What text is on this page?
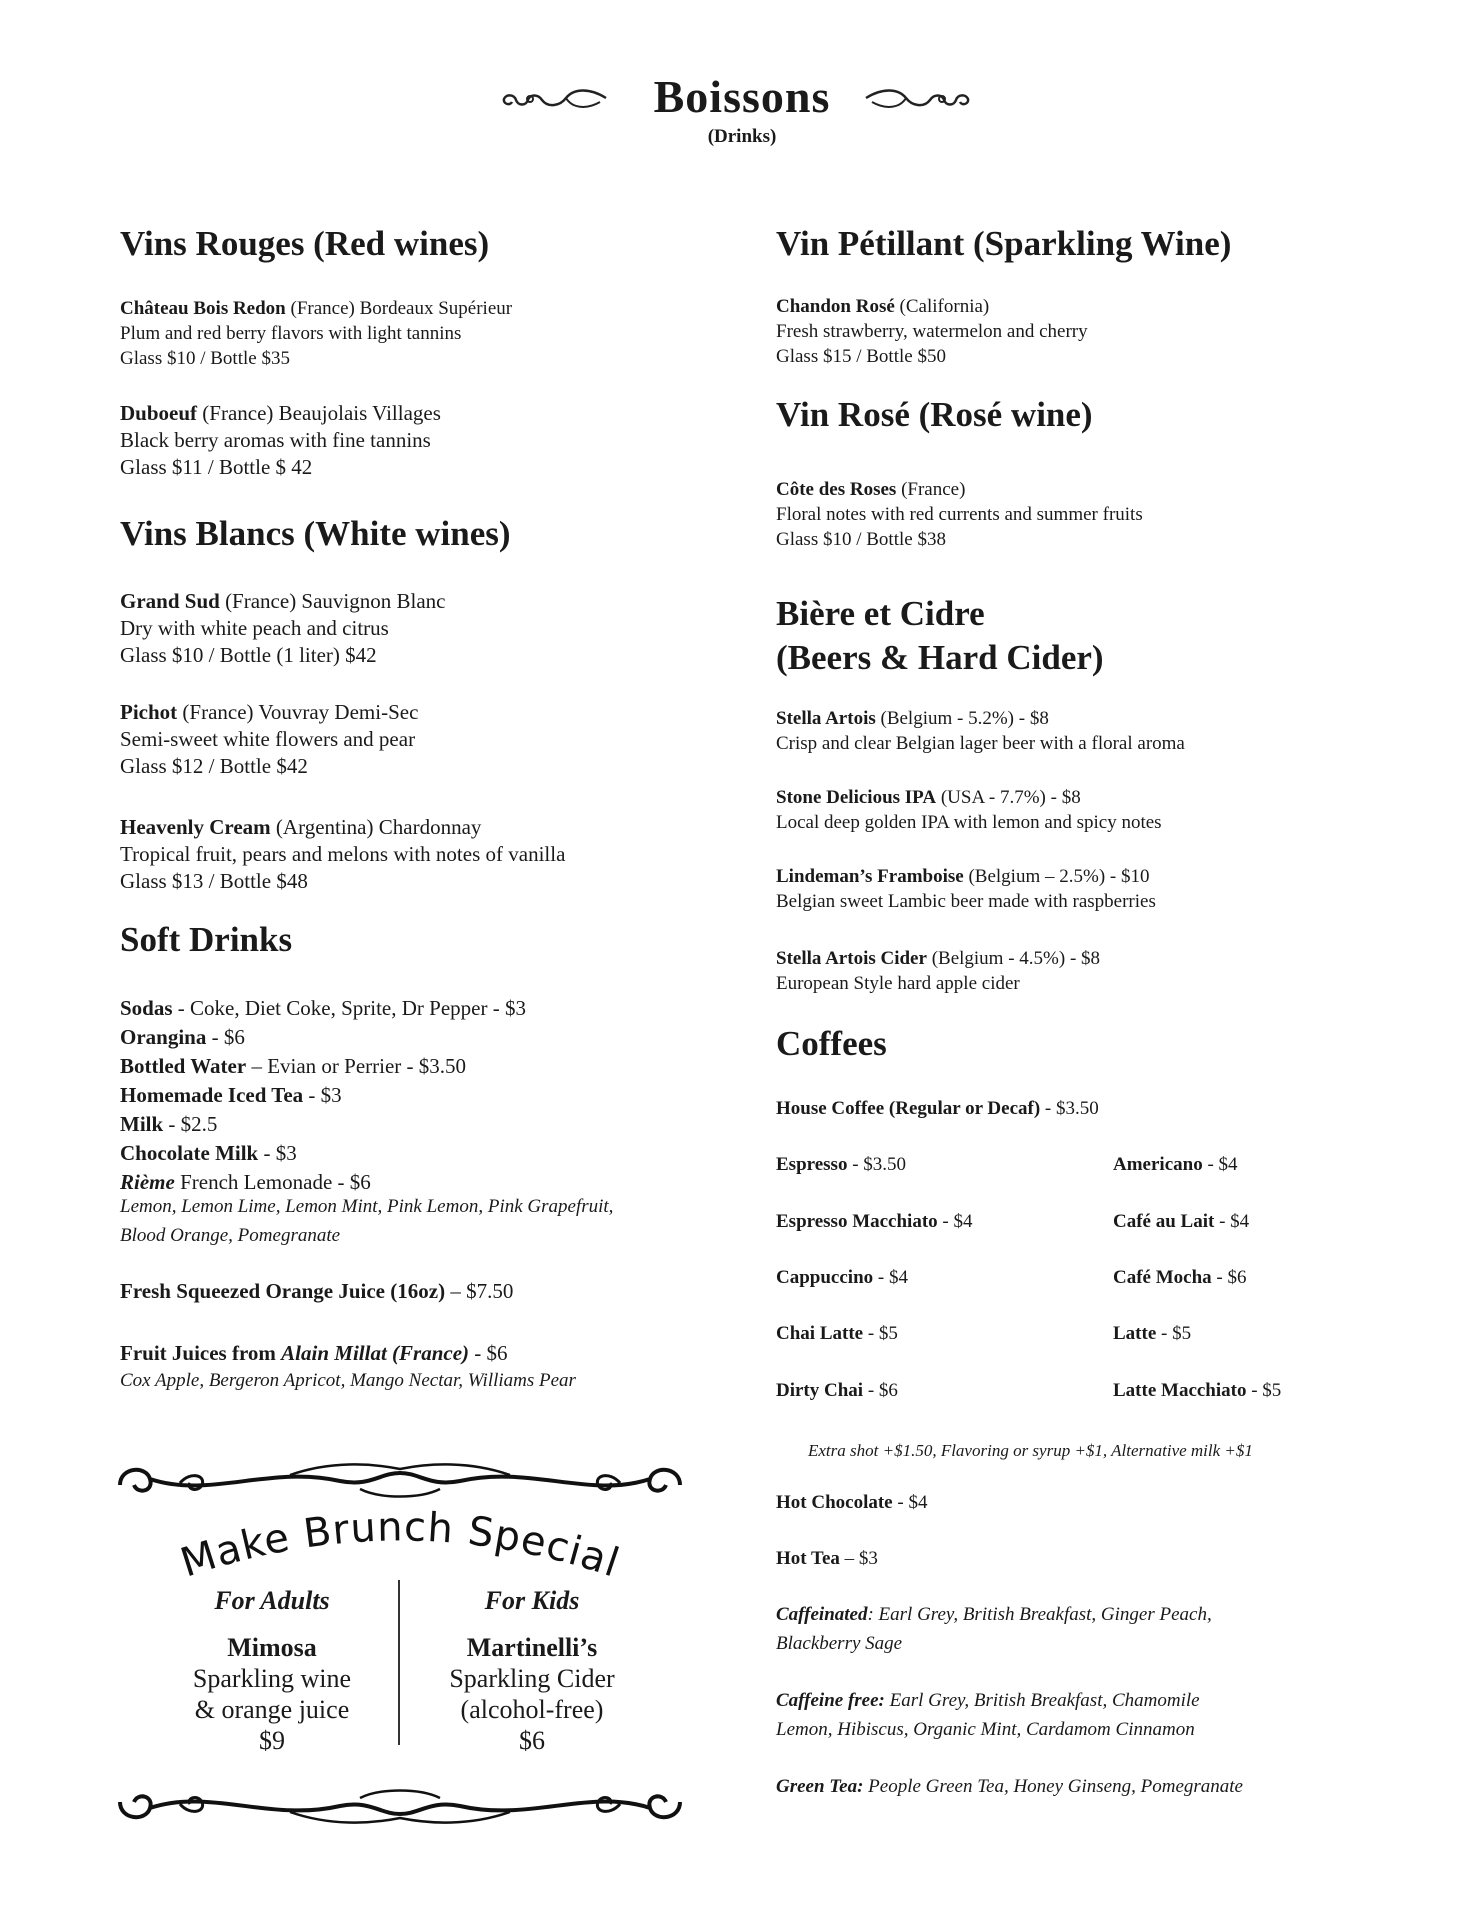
Boissons
(Drinks)
Vins Rouges (Red wines)
Château Bois Redon (France) Bordeaux Supérieur
Plum and red berry flavors with light tannins
Glass $10 / Bottle $35
Duboeuf (France) Beaujolais Villages
Black berry aromas with fine tannins
Glass $11 / Bottle $ 42
Vins Blancs (White wines)
Grand Sud (France) Sauvignon Blanc
Dry with white peach and citrus
Glass $10 / Bottle (1 liter) $42
Pichot (France) Vouvray Demi-Sec
Semi-sweet white flowers and pear
Glass $12 / Bottle $42
Heavenly Cream (Argentina) Chardonnay
Tropical fruit, pears and melons with notes of vanilla
Glass $13 / Bottle $48
Soft Drinks
Sodas - Coke, Diet Coke, Sprite, Dr Pepper - $3
Orangina - $6
Bottled Water – Evian or Perrier - $3.50
Homemade Iced Tea - $3
Milk - $2.5
Chocolate Milk - $3
Rième French Lemonade - $6
Lemon, Lemon Lime, Lemon Mint, Pink Lemon, Pink Grapefruit,
Blood Orange, Pomegranate
Fresh Squeezed Orange Juice (16oz) – $7.50
Fruit Juices from Alain Millat (France) - $6
Cox Apple, Bergeron Apricot, Mango Nectar, Williams Pear
Make Brunch Special
For Adults	For Kids
Mimosa
Sparkling wine
& orange juice
$9
Martinelli’s
Sparkling Cider
(alcohol-free)
$6
Vin Pétillant (Sparkling Wine)
Chandon Rosé (California)
Fresh strawberry, watermelon and cherry
Glass $15 / Bottle $50
Vin Rosé (Rosé wine)
Côte des Roses (France)
Floral notes with red currents and summer fruits
Glass $10 / Bottle $38
Bière et Cidre
(Beers & Hard Cider)
Stella Artois (Belgium - 5.2%) - $8
Crisp and clear Belgian lager beer with a floral aroma
Stone Delicious IPA (USA - 7.7%) - $8
Local deep golden IPA with lemon and spicy notes
Lindeman’s Framboise (Belgium – 2.5%) - $10
Belgian sweet Lambic beer made with raspberries
Stella Artois Cider (Belgium - 4.5%) - $8
European Style hard apple cider
Coffees
House Coffee (Regular or Decaf) - $3.50
Espresso - $3.50	Americano - $4
Espresso Macchiato - $4	Café au Lait - $4
Cappuccino - $4	Café Mocha - $6
Chai Latte - $5	Latte - $5
Dirty Chai - $6	Latte Macchiato - $5
Extra shot +$1.50, Flavoring or syrup +$1, Alternative milk +$1
Hot Chocolate - $4
Hot Tea – $3
Caffeinated: Earl Grey, British Breakfast, Ginger Peach,
Blackberry Sage
Caffeine free: Earl Grey, British Breakfast, Chamomile
Lemon, Hibiscus, Organic Mint, Cardamom Cinnamon
Green Tea: People Green Tea, Honey Ginseng, Pomegranate
